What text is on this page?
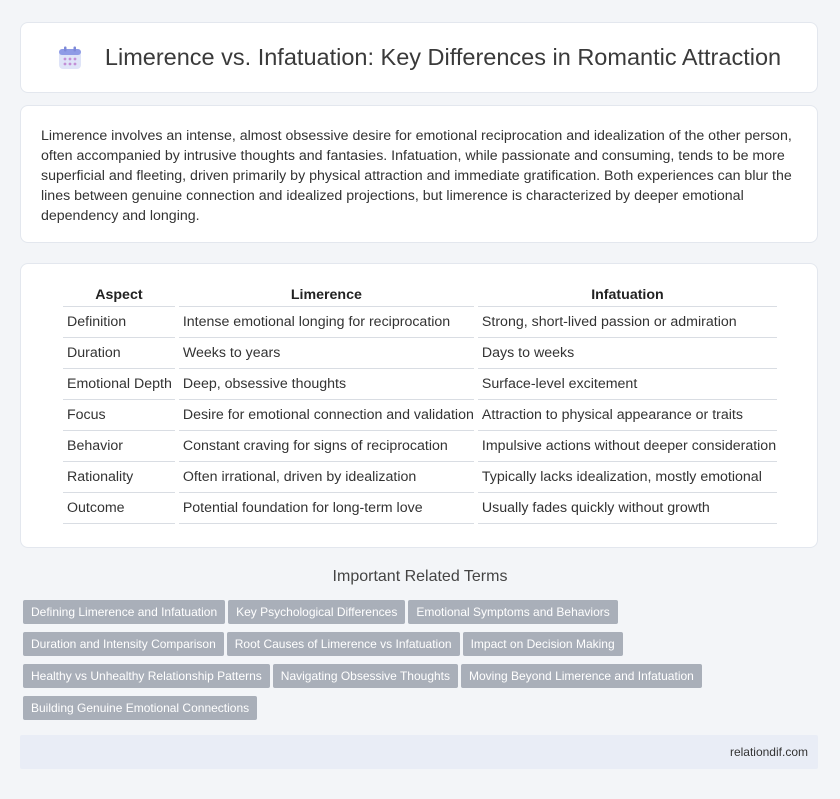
Limerence vs. Infatuation: Key Differences in Romantic Attraction

Limerence involves an intense, almost obsessive desire for emotional reciprocation and idealization of the other person, often accompanied by intrusive thoughts and fantasies. Infatuation, while passionate and consuming, tends to be more superficial and fleeting, driven primarily by physical attraction and immediate gratification. Both experiences can blur the lines between genuine connection and idealized projections, but limerence is characterized by deeper emotional dependency and longing.

Aspect	Limerence	Infatuation
Definition	Intense emotional longing for reciprocation	Strong, short-lived passion or admiration
Duration	Weeks to years	Days to weeks
Emotional Depth	Deep, obsessive thoughts	Surface-level excitement
Focus	Desire for emotional connection and validation	Attraction to physical appearance or traits
Behavior	Constant craving for signs of reciprocation	Impulsive actions without deeper consideration
Rationality	Often irrational, driven by idealization	Typically lacks idealization, mostly emotional
Outcome	Potential foundation for long-term love	Usually fades quickly without growth
Important Related Terms
Defining Limerence and Infatuation Key Psychological Differences Emotional Symptoms and Behaviors
Duration and Intensity Comparison Root Causes of Limerence vs Infatuation Impact on Decision Making
Healthy vs Unhealthy Relationship Patterns Navigating Obsessive Thoughts Moving Beyond Limerence and Infatuation
Building Genuine Emotional Connections
relationdif.com
